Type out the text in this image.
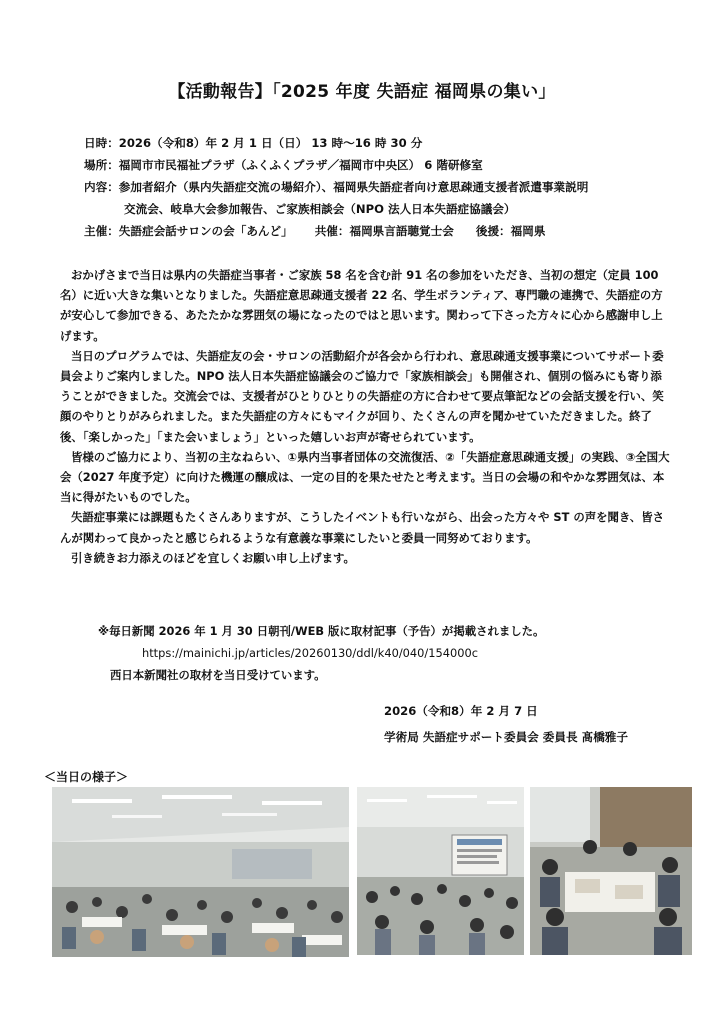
【活動報告】「2025 年度 失語症 福岡県の集い」
日時：2026（令和8）年 2 月 1 日（日） 13 時～16 時 30 分
場所：福岡市市民福祉プラザ（ふくふくプラザ／福岡市中央区） 6 階研修室
内容：参加者紹介（県内失語症交流の場紹介）、福岡県失語症者向け意思疎通支援者派遣事業説明
交流会、岐阜大会参加報告、ご家族相談会（NPO 法人日本失語症協議会）
主催：失語症会話サロンの会「あんど」 共催：福岡県言語聴覚士会 後援：福岡県

おかげさまで当日は県内の失語症当事者・ご家族 58 名を含む計 91 名の参加をいただき、当初の想定（定員 100 名）に近い大きな集いとなりました。失語症意思疎通支援者 22 名、学生ボランティア、専門職の連携で、失語症の方が安心して参加できる、あたたかな雰囲気の場になったのではと思います。関わって下さった方々に心から感謝申し上げます。

当日のプログラムでは、失語症友の会・サロンの活動紹介が各会から行われ、意思疎通支援事業についてサポート委員会よりご案内しました。NPO 法人日本失語症協議会のご協力で「家族相談会」も開催され、個別の悩みにも寄り添うことができました。交流会では、支援者がひとりひとりの失語症の方に合わせて要点筆記などの会話支援を行い、笑顔のやりとりがみられました。また失語症の方々にもマイクが回り、たくさんの声を聞かせていただきました。終了後、「楽しかった」「また会いましょう」といった嬉しいお声が寄せられています。

皆様のご協力により、当初の主なねらい、①県内当事者団体の交流復活、②「失語症意思疎通支援」の実践、③全国大会（2027 年度予定）に向けた機運の醸成は、一定の目的を果たせたと考えます。当日の会場の和やかな雰囲気は、本当に得がたいものでした。

失語症事業には課題もたくさんありますが、こうしたイベントも行いながら、出会った方々や ST の声を聞き、皆さんが関わって良かったと感じられるような有意義な事業にしたいと委員一同努めております。

引き続きお力添えのほどを宜しくお願い申し上げます。

※毎日新聞 2026 年 1 月 30 日朝刊/WEB 版に取材記事（予告）が掲載されました。
https://mainichi.jp/articles/20260130/ddl/k40/040/154000c
西日本新聞社の取材を当日受けています。
2026（令和8）年 2 月 7 日
学術局 失語症サポート委員会 委員長 髙橋雅子
＜当日の様子＞
